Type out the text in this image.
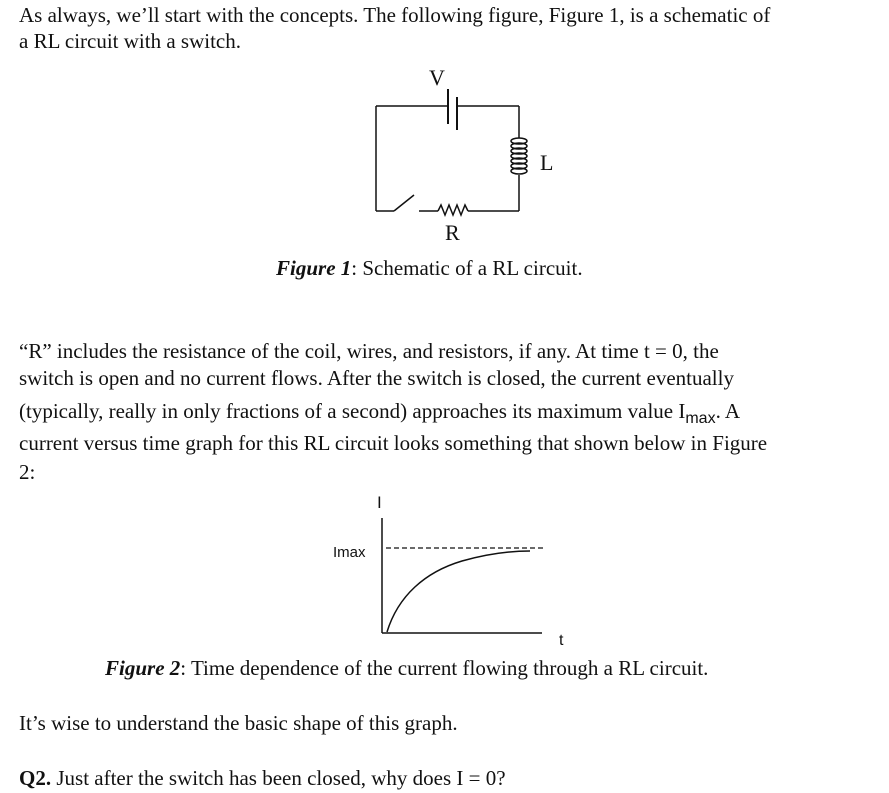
As always, we’ll start with the concepts. The following figure, Figure 1, is a schematic of
a RL circuit with a switch.
V
L
R
Figure 1: Schematic of a RL circuit.
“R” includes the resistance of the coil, wires, and resistors, if any. At time t = 0, the
switch is open and no current flows. After the switch is closed, the current eventually
(typically, really in only fractions of a second) approaches its maximum value $I_{max}$. A
current versus time graph for this RL circuit looks something that shown below in Figure
2:
I
Imax
t
Figure 2: Time dependence of the current flowing through a RL circuit.
It’s wise to understand the basic shape of this graph.
Q2. Just after the switch has been closed, why does I = 0?
